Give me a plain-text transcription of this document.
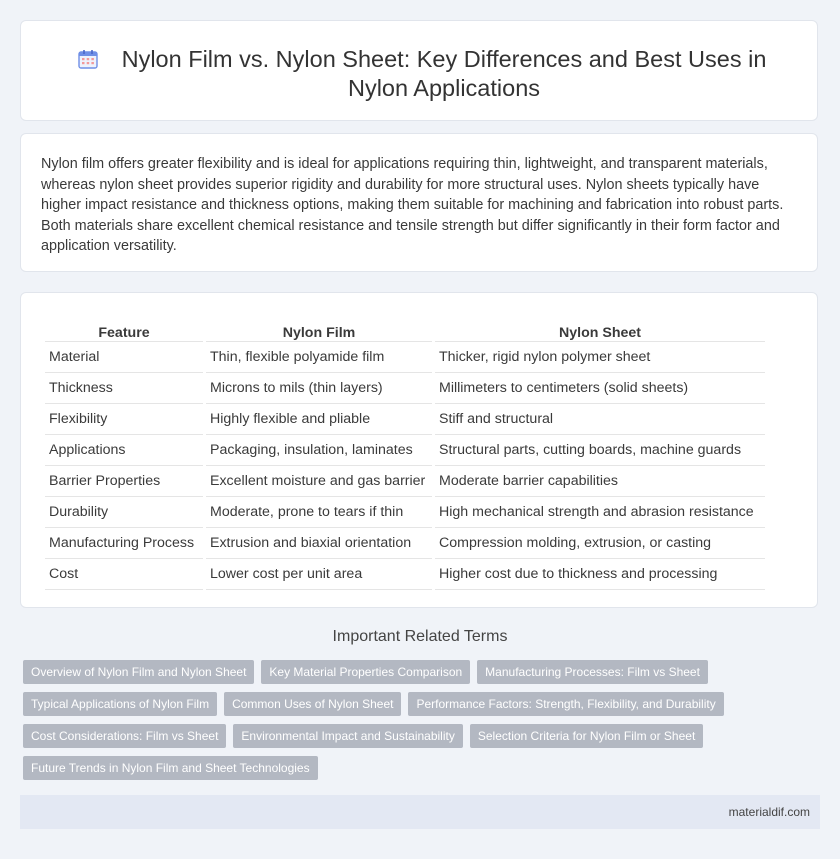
Nylon Film vs. Nylon Sheet: Key Differences and Best Uses in Nylon Applications

Nylon film offers greater flexibility and is ideal for applications requiring thin, lightweight, and transparent materials, whereas nylon sheet provides superior rigidity and durability for more structural uses. Nylon sheets typically have higher impact resistance and thickness options, making them suitable for machining and fabrication into robust parts. Both materials share excellent chemical resistance and tensile strength but differ significantly in their form factor and application versatility.

Feature	Nylon Film	Nylon Sheet
Material	Thin, flexible polyamide film	Thicker, rigid nylon polymer sheet
Thickness	Microns to mils (thin layers)	Millimeters to centimeters (solid sheets)
Flexibility	Highly flexible and pliable	Stiff and structural
Applications	Packaging, insulation, laminates	Structural parts, cutting boards, machine guards
Barrier Properties	Excellent moisture and gas barrier	Moderate barrier capabilities
Durability	Moderate, prone to tears if thin	High mechanical strength and abrasion resistance
Manufacturing Process	Extrusion and biaxial orientation	Compression molding, extrusion, or casting
Cost	Lower cost per unit area	Higher cost due to thickness and processing
Important Related Terms
Overview of Nylon Film and Nylon Sheet	Key Material Properties Comparison	Manufacturing Processes: Film vs Sheet
Typical Applications of Nylon Film	Common Uses of Nylon Sheet	Performance Factors: Strength, Flexibility, and Durability
Cost Considerations: Film vs Sheet	Environmental Impact and Sustainability	Selection Criteria for Nylon Film or Sheet
Future Trends in Nylon Film and Sheet Technologies
materialdif.com
